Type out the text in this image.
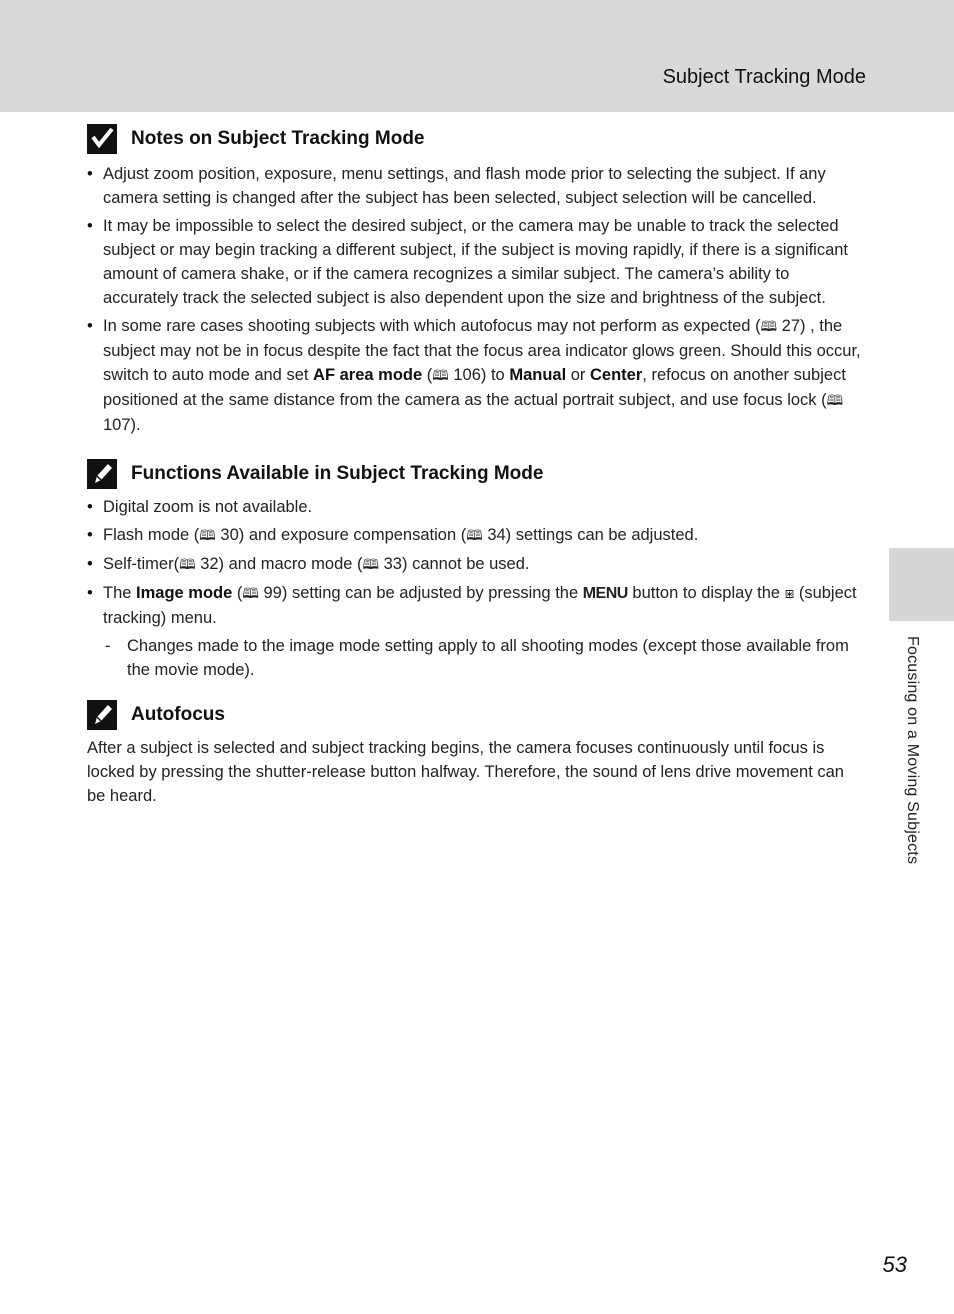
Subject Tracking Mode
Focusing on a Moving Subjects
Notes on Subject Tracking Mode
• Adjust zoom position, exposure, menu settings, and flash mode prior to selecting the subject. If any camera setting is changed after the subject has been selected, subject selection will be cancelled.
• It may be impossible to select the desired subject, or the camera may be unable to track the selected subject or may begin tracking a different subject, if the subject is moving rapidly, if there is a significant amount of camera shake, or if the camera recognizes a similar subject. The camera’s ability to accurately track the selected subject is also dependent upon the size and brightness of the subject.
• In some rare cases shooting subjects with which autofocus may not perform as expected (🕮 27) , the subject may not be in focus despite the fact that the focus area indicator glows green. Should this occur, switch to auto mode and set AF area mode (🕮 106) to Manual or Center, refocus on another subject positioned at the same distance from the camera as the actual portrait subject, and use focus lock (🕮 107).
Functions Available in Subject Tracking Mode
• Digital zoom is not available.
• Flash mode (🕮 30) and exposure compensation (🕮 34) settings can be adjusted.
• Self-timer(🕮 32) and macro mode (🕮 33) cannot be used.
• The Image mode (🕮 99) setting can be adjusted by pressing the MENU button to display the ⧆ (subject tracking) menu.
- Changes made to the image mode setting apply to all shooting modes (except those available from the movie mode).
Autofocus
After a subject is selected and subject tracking begins, the camera focuses continuously until focus is locked by pressing the shutter-release button halfway. Therefore, the sound of lens drive movement can be heard.
53
